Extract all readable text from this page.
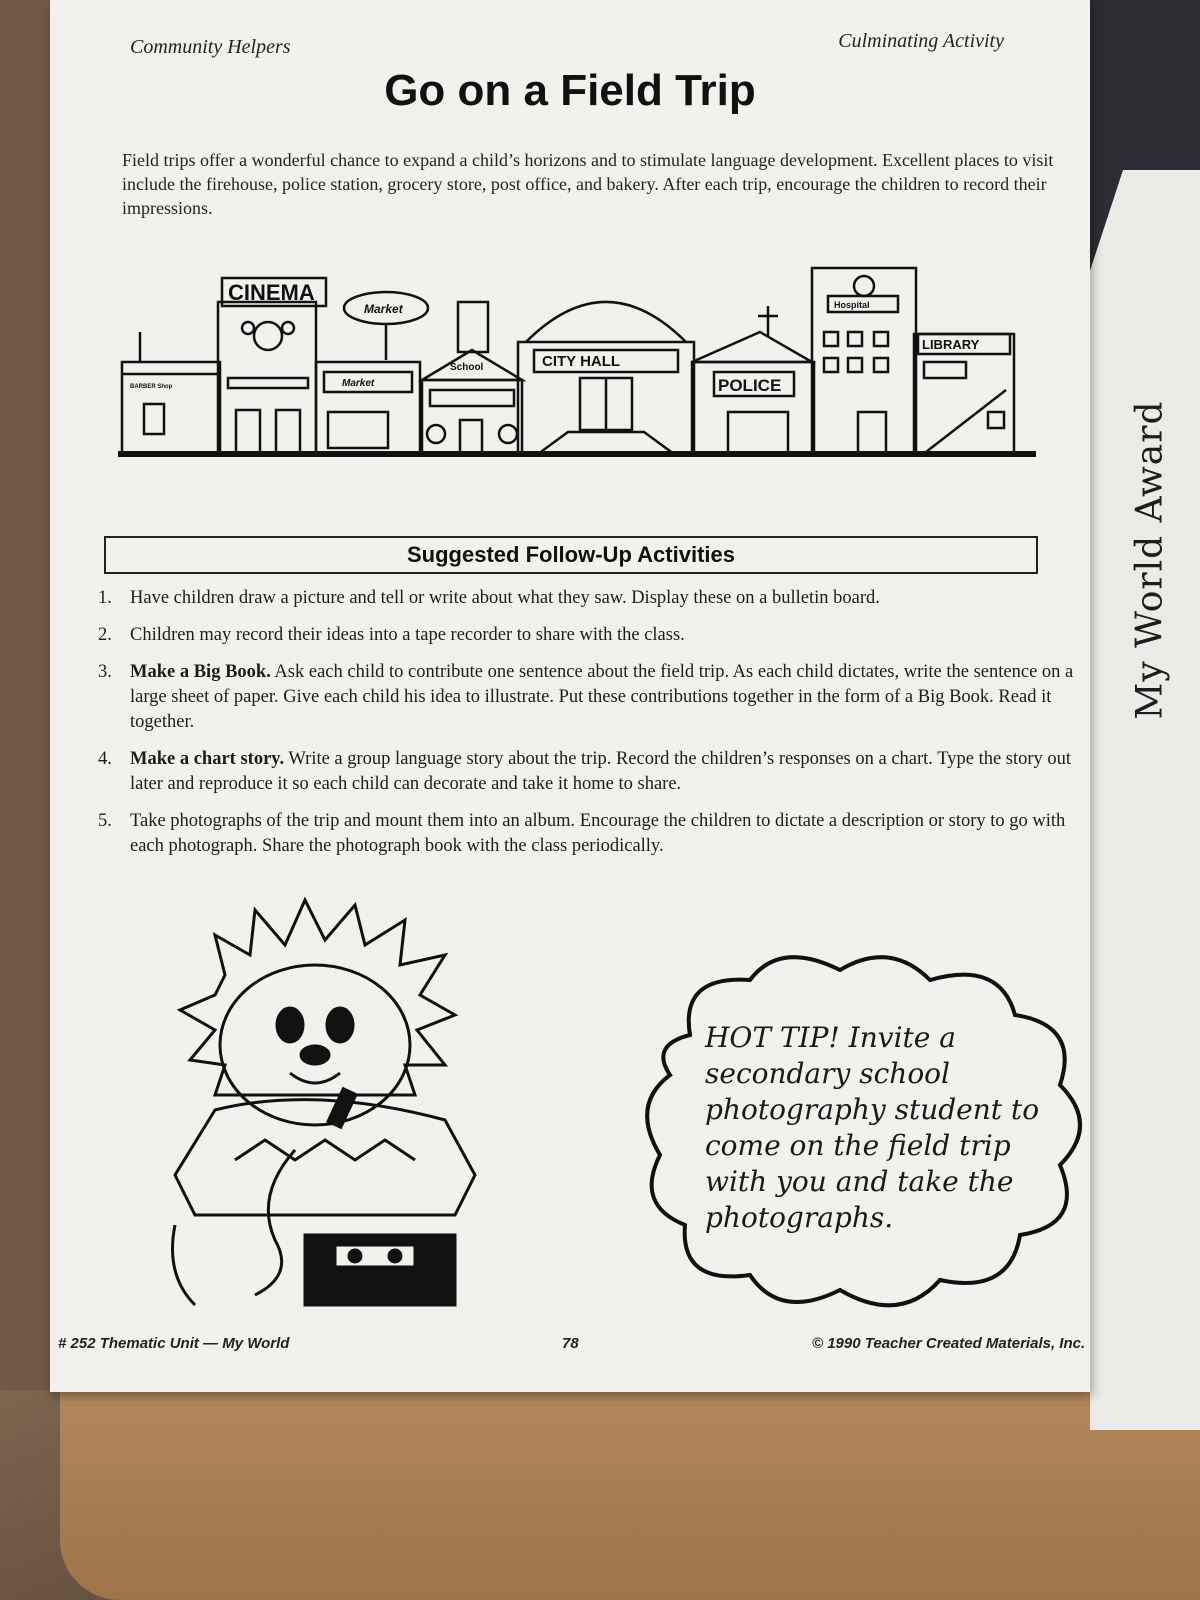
My World Award
Community Helpers	Culminating Activity
Go on a Field Trip
Field trips offer a wonderful chance to expand a child’s horizons and to stimulate language development. Excellent places to visit include the firehouse, police station, grocery store, post office, and bakery. After each trip, encourage the children to record their impressions.
CINEMA
Market
Market
School	CITY HALL
POLICE
Hospital
LIBRARY
BARBER Shop
Suggested Follow-Up Activities
1. Have children draw a picture and tell or write about what they saw. Display these on a bulletin board.
2. Children may record their ideas into a tape recorder to share with the class.
3. Make a Big Book. Ask each child to contribute one sentence about the field trip. As each child dictates, write the sentence on a large sheet of paper. Give each child his idea to illustrate. Put these contributions together in the form of a Big Book. Read it together.
4. Make a chart story. Write a group language story about the trip. Record the children’s responses on a chart. Type the story out later and reproduce it so each child can decorate and take it home to share.
5. Take photographs of the trip and mount them into an album. Encourage the children to dictate a description or story to go with each photograph. Share the photograph book with the class periodically.
HOT TIP! Invite a secondary school photography student to come on the field trip with you and take the photographs.
# 252 Thematic Unit — My World	78	© 1990 Teacher Created Materials, Inc.
